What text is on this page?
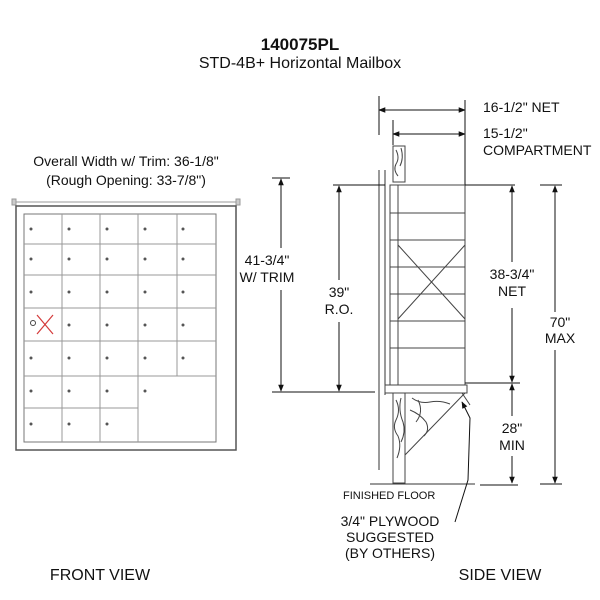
140075PL
STD-4B+ Horizontal Mailbox
Overall Width w/ Trim: 36-1/8"
(Rough Opening: 33-7/8")
FRONT VIEW
16-1/2" NET
15-1/2"
COMPARTMENT
41-3/4"
W/ TRIM
39"
R.O.
38-3/4"
NET
70"
MAX
28"
MIN
FINISHED FLOOR
3/4" PLYWOOD
SUGGESTED
(BY OTHERS)
SIDE VIEW
